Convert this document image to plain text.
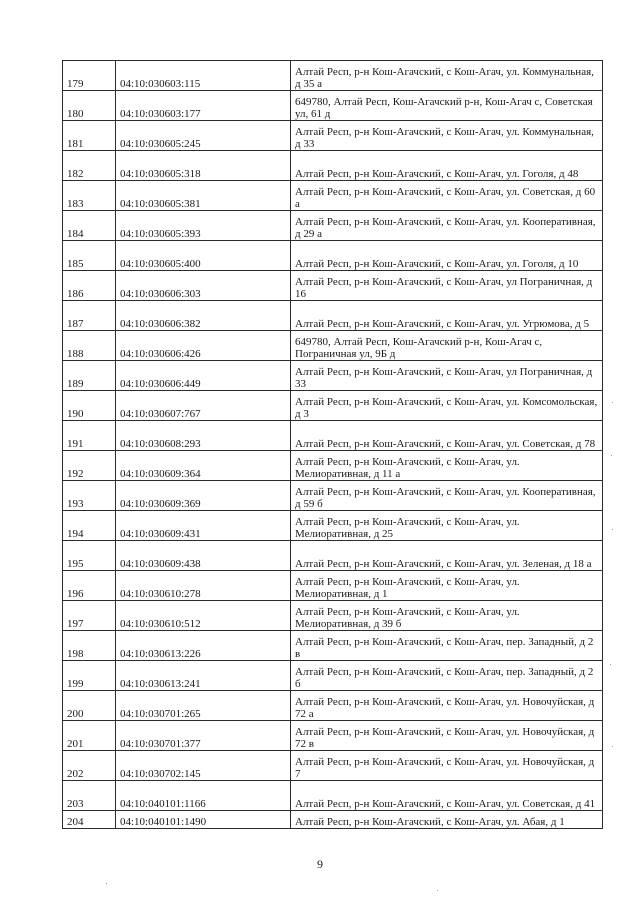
179	04:10:030603:115	Алтай Респ, р-н Кош-Агачский, с Кош-Агач, ул. Коммунальная, д 35 а
180	04:10:030603:177	649780, Алтай Респ, Кош-Агачский р-н, Кош-Агач с, Советская ул, 61 д
181	04:10:030605:245	Алтай Респ, р-н Кош-Агачский, с Кош-Агач, ул. Коммунальная, д 33
182	04:10:030605:318	Алтай Респ, р-н Кош-Агачский, с Кош-Агач, ул. Гоголя, д 48
183	04:10:030605:381	Алтай Респ, р-н Кош-Агачский, с Кош-Агач, ул. Советская, д 60 а
184	04:10:030605:393	Алтай Респ, р-н Кош-Агачский, с Кош-Агач, ул. Кооперативная, д 29 а
185	04:10:030605:400	Алтай Респ, р-н Кош-Агачский, с Кош-Агач, ул. Гоголя, д 10
186	04:10:030606:303	Алтай Респ, р-н Кош-Агачский, с Кош-Агач, ул Пограничная, д 16
187	04:10:030606:382	Алтай Респ, р-н Кош-Агачский, с Кош-Агач, ул. Угрюмова, д 5
188	04:10:030606:426	649780, Алтай Респ, Кош-Агачский р-н, Кош-Агач с, Пограничная ул, 9Б д
189	04:10:030606:449	Алтай Респ, р-н Кош-Агачский, с Кош-Агач, ул Пограничная, д 33
190	04:10:030607:767	Алтай Респ, р-н Кош-Агачский, с Кош-Агач, ул. Комсомольская, д 3
191	04:10:030608:293	Алтай Респ, р-н Кош-Агачский, с Кош-Агач, ул. Советская, д 78
192	04:10:030609:364	Алтай Респ, р-н Кош-Агачский, с Кош-Агач, ул. Мелиоративная, д 11 а
193	04:10:030609:369	Алтай Респ, р-н Кош-Агачский, с Кош-Агач, ул. Кооперативная, д 59 б
194	04:10:030609:431	Алтай Респ, р-н Кош-Агачский, с Кош-Агач, ул. Мелиоративная, д 25
195	04:10:030609:438	Алтай Респ, р-н Кош-Агачский, с Кош-Агач, ул. Зеленая, д 18 а
196	04:10:030610:278	Алтай Респ, р-н Кош-Агачский, с Кош-Агач, ул. Мелиоративная, д 1
197	04:10:030610:512	Алтай Респ, р-н Кош-Агачский, с Кош-Агач, ул. Мелиоративная, д 39 б
198	04:10:030613:226	Алтай Респ, р-н Кош-Агачский, с Кош-Агач, пер. Западный, д 2 в
199	04:10:030613:241	Алтай Респ, р-н Кош-Агачский, с Кош-Агач, пер. Западный, д 2 б
200	04:10:030701:265	Алтай Респ, р-н Кош-Агачский, с Кош-Агач, ул. Новочуйская, д 72 а
201	04:10:030701:377	Алтай Респ, р-н Кош-Агачский, с Кош-Агач, ул. Новочуйская, д 72 в
202	04:10:030702:145	Алтай Респ, р-н Кош-Агачский, с Кош-Агач, ул. Новочуйская, д 7
203	04:10:040101:1166	Алтай Респ, р-н Кош-Агачский, с Кош-Агач, ул. Советская, д 41
204	04:10:040101:1490	Алтай Респ, р-н Кош-Агачский, с Кош-Агач, ул. Абая, д 1
9
